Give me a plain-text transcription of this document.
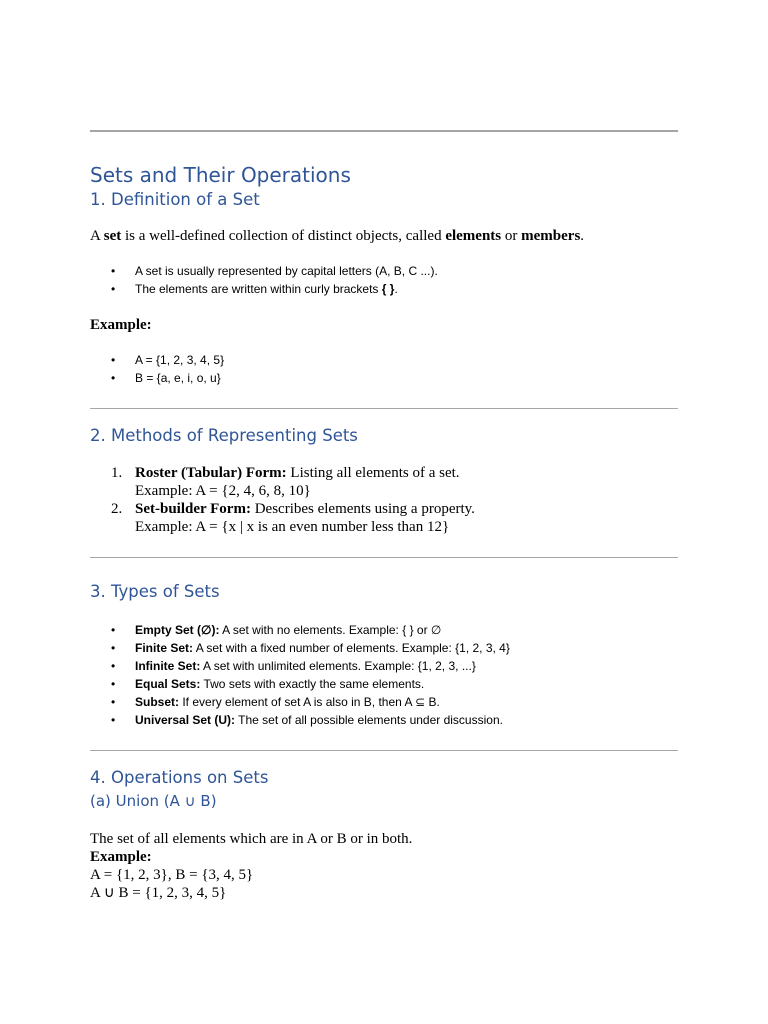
Sets and Their Operations
1. Definition of a Set

A set is a well-defined collection of distinct objects, called elements or members.

• A set is usually represented by capital letters (A, B, C ...).
• The elements are written within curly brackets { }.

Example:

• A = {1, 2, 3, 4, 5}
• B = {a, e, i, o, u}
2. Methods of Representing Sets
1. Roster (Tabular) Form: Listing all elements of a set.
Example: A = {2, 4, 6, 8, 10}
2. Set-builder Form: Describes elements using a property.
Example: A = {x | x is an even number less than 12}
3. Types of Sets
• Empty Set (∅): A set with no elements. Example: { } or ∅
• Finite Set: A set with a fixed number of elements. Example: {1, 2, 3, 4}
• Infinite Set: A set with unlimited elements. Example: {1, 2, 3, ...}
• Equal Sets: Two sets with exactly the same elements.
• Subset: If every element of set A is also in B, then A ⊆ B.
• Universal Set (U): The set of all possible elements under discussion.
4. Operations on Sets
(a) Union (A ∪ B)

The set of all elements which are in A or B or in both.

Example:

A = {1, 2, 3}, B = {3, 4, 5}

A ∪ B = {1, 2, 3, 4, 5}
